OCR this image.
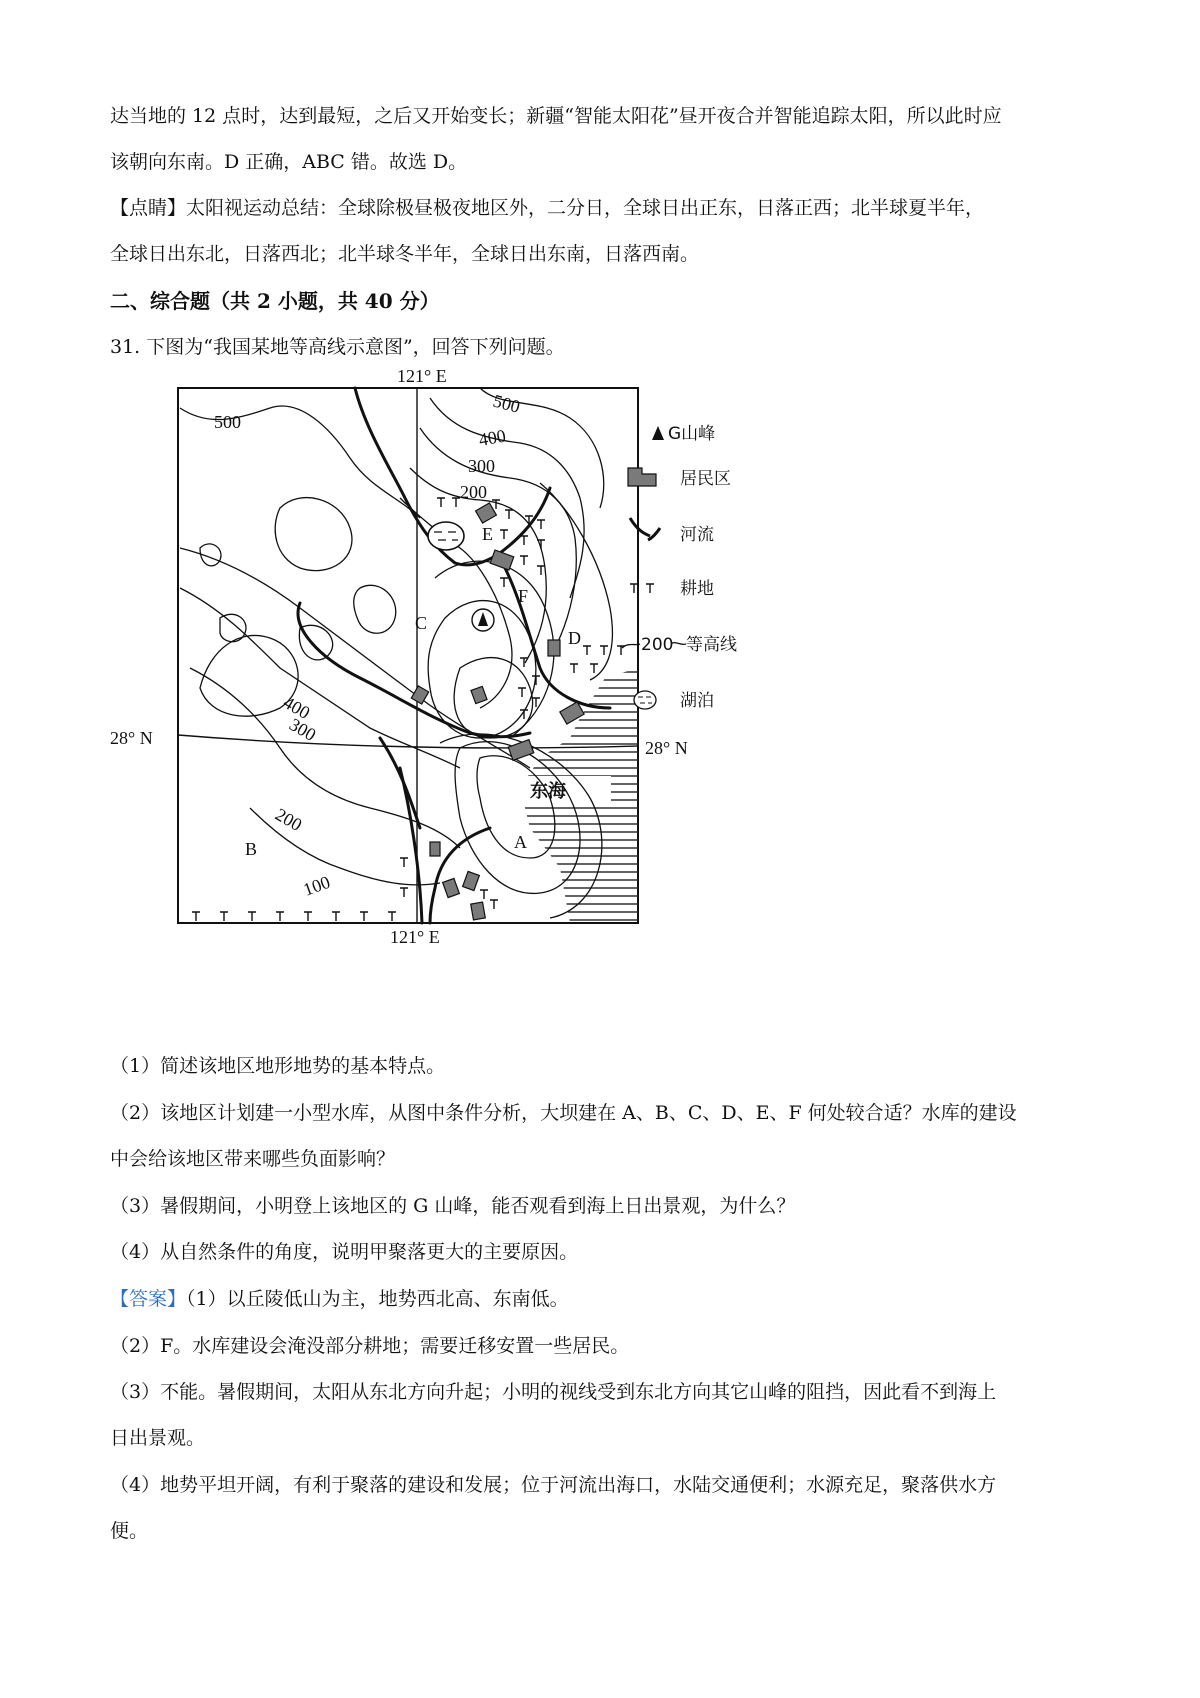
达当地的 12 点时，达到最短，之后又开始变长；新疆“智能太阳花”昼开夜合并智能追踪太阳，所以此时应
该朝向东南。D 正确，ABC 错。故选 D。
【点睛】太阳视运动总结：全球除极昼极夜地区外，二分日，全球日出正东，日落正西；北半球夏半年，
全球日出东北，日落西北；北半球冬半年，全球日出东南，日落西南。
二、综合题（共 2 小题，共 40 分）
31. 下图为“我国某地等高线示意图”，回答下列问题。
121° E
121° E
28° N	28° N
500
500
400
300
200
400
300
200
100
A
B
C
D
E
F
东海
G山峰
居民区
河流
耕地
200 等高线
湖泊
（1）简述该地区地形地势的基本特点。
（2）该地区计划建一小型水库，从图中条件分析，大坝建在 A、B、C、D、E、F 何处较合适？水库的建设
中会给该地区带来哪些负面影响？
（3）暑假期间，小明登上该地区的 G 山峰，能否观看到海上日出景观，为什么？
（4）从自然条件的角度，说明甲聚落更大的主要原因。
【答案】（1）以丘陵低山为主，地势西北高、东南低。
（2）F。水库建设会淹没部分耕地；需要迁移安置一些居民。
（3）不能。暑假期间，太阳从东北方向升起；小明的视线受到东北方向其它山峰的阻挡，因此看不到海上
日出景观。
（4）地势平坦开阔，有利于聚落的建设和发展；位于河流出海口，水陆交通便利；水源充足，聚落供水方
便。
